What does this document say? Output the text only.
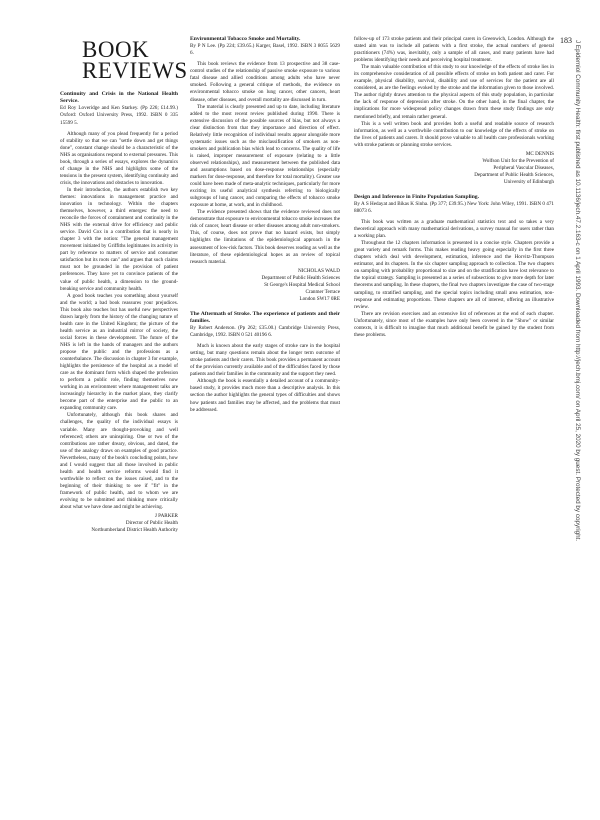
183 J Epidemiol Community Health: first published as 10.1136/jech.47.2.163-c on 1 April 1993. Downloaded from http://jech.bmj.com/ on April 25, 2020 by guest. Protected by copyright.
BOOK REVIEWS
Continuity and Crisis in the National Health Service.
Ed Roy Loveridge and Ken Starkey. (Pp 226; £14.99.) Oxford: Oxford University Press, 1992. ISBN 0 335 15599 5.

Although many of you plead frequently for a period of stability so that we can "settle down and get things done", constant change should be a characteristic of the NHS as organisations respond to external pressures. This book, through a series of essays, explores the dynamics of change in the NHS and highlights some of the tensions in the present system, identifying continuity and crisis, the innovations and obstacles to innovation.

In their introduction, the authors establish two key themes: innovations in management practice and innovation in technology. Within the chapters themselves, however, a third emerges: the need to reconcile the forces of containment and continuity in the NHS with the external drive for efficiency and public service. David Cox in a contribution that is nearly in chapter 3 with the notion: "The general management movement initiated by Griffiths legitimates its activity in part by reference to matters of service and consumer satisfaction but its roots can" and argues that such claims must not be grounded in the provision of patient preferences. They have yet to convince patients of the value of public health, a dimension to the ground-breaking service and community health.

A good book teaches you something about yourself and the world; a bad book reassures your prejudices. This book also teaches but has useful new perspectives drawn largely from the history of the changing nature of health care in the United Kingdom; the picture of the health service as an industrial mirror of society, the social forces in these development. The future of the NHS is left in the hands of managers and the authors propose the public and the professions as a counterbalance. The discussion in chapter 3 for example, highlights the persistence of the hospital as a model of care as the dominant form which shaped the profession to perform a public role, finding themselves now working in an environment where management talks are increasingly hierarchy in the market place, they clarify become part of the enterprise and the public to an expanding community care.

Unfortunately, although this book shares and challenges, the quality of the individual essays is variable. Many are thought-provoking and well referenced; others are uninspiring. One or two of the contributions are rather dreary, obvious, and dated, the use of the analogy draws on examples of good practice. Nevertheless, many of the book's concluding points, how and I would suggest that all those involved in public health and health service reforms would find it worthwhile to reflect on the issues raised, and to the beginning of their thinking to see if "fit" in the framework of public health, and to whom we are evolving to be submitted and thinking more critically about what we have done and might be achieving.

J PARKER
Director of Public Health
Northumberland District Health Authority
Environmental Tobacco Smoke and Mortality.
By P N Lee. (Pp 224; £39.65.) Karger, Basel, 1992. ISBN 3 8055 5629 6.

This book reviews the evidence from 13 prospective and 38 case-control studies of the relationship of passive smoke exposure to various fatal disease and allied conditions among adults who have never smoked. Following a general critique of methods, the evidence on environmental tobacco smoke on lung cancer, other cancers, heart disease, other diseases, and overall mortality are discussed in turn.

The material is clearly presented and up to date, including literature added to the most recent review published during 1990. There is extensive discussion of the possible sources of bias, but not always a clear distinction from that they importance and direction of effect. Relatively little recognition of individual results appear alongside more systematic issues such as the misclassification of smokers as non-smokers and publication bias which lead to concerns. The quality of life is raised, improper measurement of exposure (relating to a little observed relationships), and measurement between the published data and assumptions based on dose-response relationships (especially markers for dose-response, and therefore for total mortality). Greater use could have been made of meta-analytic techniques, particularly for more exciting its useful analytical synthesis referring to biologically subgroups of lung cancer, and comparing the effects of tobacco smoke exposure at home, at work, and in childhood.

The evidence presented shows that the evidence reviewed does not demonstrate that exposure to environmental tobacco smoke increases the risk of cancer, heart disease or other diseases among adult non-smokers. This, of course, does not prove that no hazard exists, but simply highlights the limitations of the epidemiological approach in the assessment of low-risk factors. This book deserves reading as well as the literature, of these epidemiological hopes as an review of topical research material.

NICHOLAS WALD
Department of Public Health Sciences
St George's Hospital Medical School
Cranmer Terrace
London SW17 0RE
The Aftermath of Stroke. The experience of patients and their families.
By Robert Anderson. (Pp 262; £35.00.) Cambridge University Press, Cambridge, 1992. ISBN 0 521 40196 6.

Much is known about the early stages of stroke care in the hospital setting, but many questions remain about the longer term outcome of stroke patients and their carers. This book provides a permanent account of the provision currently available and of the difficulties faced by those patients and their families in the community and the support they need.

Although the book is essentially a detailed account of a community-based study, it provides much more than a descriptive analysis. In this section the author highlights the general types of difficulties and shows how patients and families may be affected, and the problems that must be addressed.

follow-up of 173 stroke patients and their principal carers in Greenwich, London. Although the stated aim was to include all patients with a first stroke, the actual numbers of general practitioners (74%) was, inevitably, only a sample of all cases, and many patients have had problems identifying their needs and perceiving hospital treatment.

The main valuable contribution of this study to our knowledge of the effects of stroke lies in its comprehensive consideration of all possible effects of stroke on both patient and carer. For example, physical disability, survival, disability and use of services for the patient are all considered, as are the feelings evoked by the stroke and the information given to those involved. The author rightly draws attention to the physical aspects of this study population, in particular the lack of response of depression after stroke. On the other hand, in the final chapter, the implications for more widespread policy changes drawn from these study findings are only mentioned briefly, and remain rather general.

This is a well written book and provides both a useful and readable source of research information, as well as a worthwhile contribution to our knowledge of the effects of stroke on the lives of patients and carers. It should prove valuable to all health care professionals working with stroke patients or planning stroke services.

MC DENNIS
Wolfson Unit for the Prevention of
Peripheral Vascular Diseases,
Department of Public Health Sciences,
University of Edinburgh
Design and Inference in Finite Population Sampling.
By A S Hedayat and Bikas K Sinha. (Pp 377; £39.95.) New York: John Wiley, 1991. ISBN 0 471 88073 6.

This book was written as a graduate mathematical statistics text and so takes a very theoretical approach with many mathematical derivations, a survey manual for users rather than a working plan.

Throughout the 12 chapters information is presented in a concise style. Chapters provide a great variety and remark forms. This makes reading heavy going especially in the first three chapters which deal with development, estimation, inference and the Horvitz-Thompson estimator, and its chapters. In the six chapter sampling approach to collection. The two chapters on sampling with probability proportional to size and on the stratification have lost relevance to the topical strategy. Sampling is presented as a series of subsections to give more depth for later theorems and sampling. In these chapters, the final two chapters investigate the case of two-stage sampling, to stratified sampling, and the special topics including small area estimation, non-response and estimating proportions. These chapters are all of interest, offering an illustrative review.

There are revision exercises and an extensive list of references at the end of each chapter. Unfortunately, since most of the examples have only been covered in the "Show" or similar contexts, it is difficult to imagine that much additional benefit be gained by the student from these problems.
